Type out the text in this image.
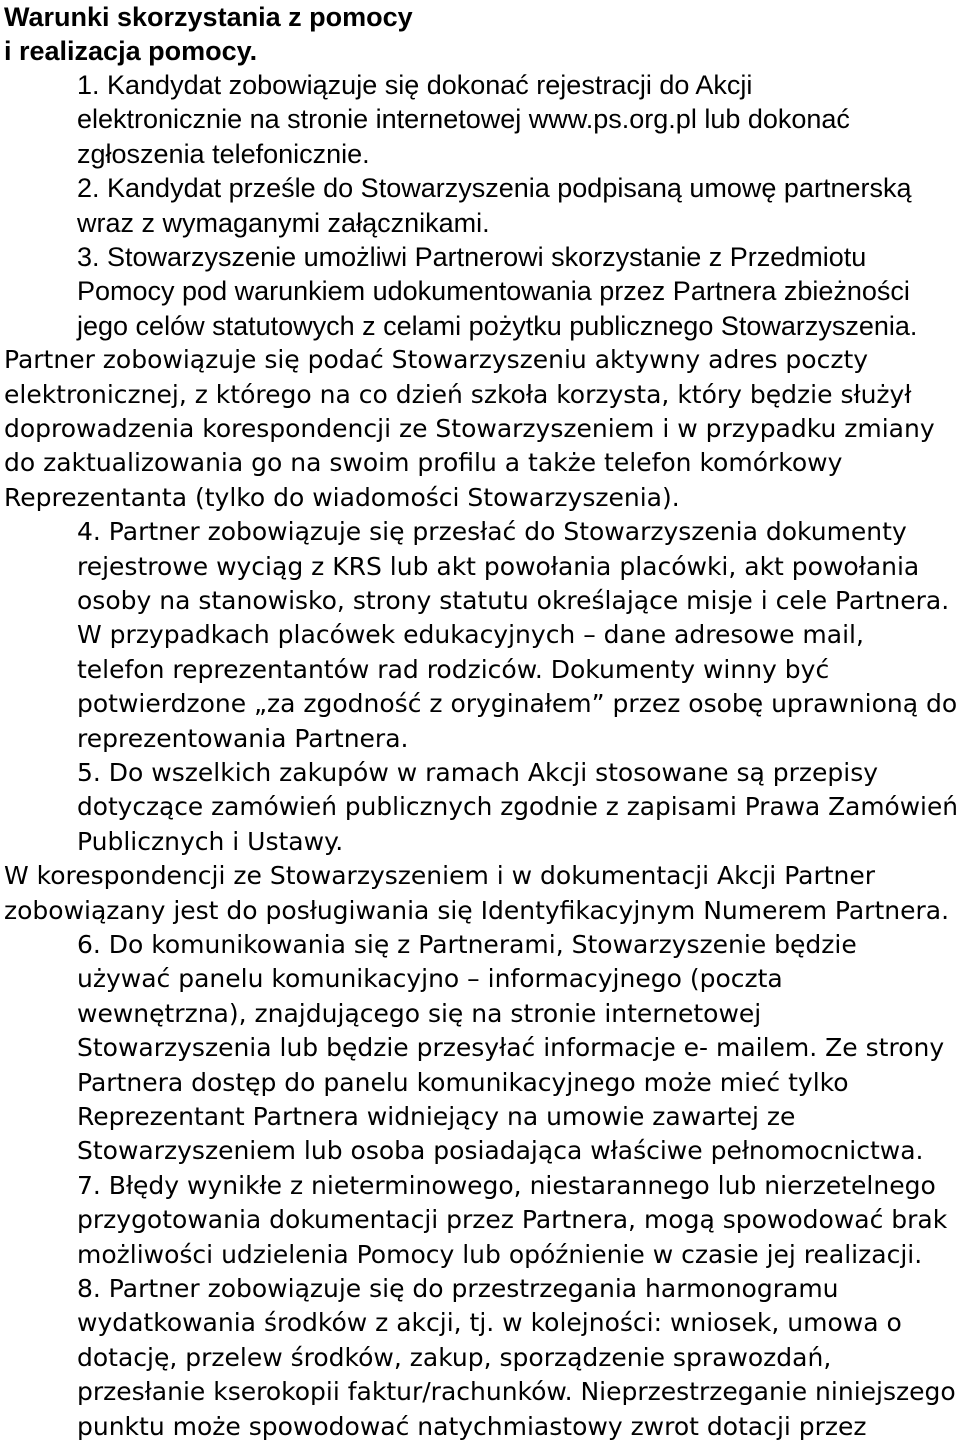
Warunki skorzystania z pomocy
i realizacja pomocy.
1. Kandydat zobowiązuje się dokonać rejestracji do Akcji
elektronicznie na stronie internetowej www.ps.org.pl lub dokonać
zgłoszenia telefonicznie.
2. Kandydat prześle do Stowarzyszenia podpisaną umowę partnerską
wraz z wymaganymi załącznikami.
3. Stowarzyszenie umożliwi Partnerowi skorzystanie z Przedmiotu
Pomocy pod warunkiem udokumentowania przez Partnera zbieżności
jego celów statutowych z celami pożytku publicznego Stowarzyszenia.
Partner zobowiązuje się podać Stowarzyszeniu aktywny adres poczty
elektronicznej, z którego na co dzień szkoła korzysta, który będzie służył
doprowadzenia korespondencji ze Stowarzyszeniem i w przypadku zmiany
do zaktualizowania go na swoim profilu a także telefon komórkowy
Reprezentanta (tylko do wiadomości Stowarzyszenia).
4. Partner zobowiązuje się przesłać do Stowarzyszenia dokumenty
rejestrowe wyciąg z KRS lub akt powołania placówki, akt powołania
osoby na stanowisko, strony statutu określające misje i cele Partnera.
W przypadkach placówek edukacyjnych – dane adresowe mail,
telefon reprezentantów rad rodziców. Dokumenty winny być
potwierdzone „za zgodność z oryginałem” przez osobę uprawnioną do
reprezentowania Partnera.
5. Do wszelkich zakupów w ramach Akcji stosowane są przepisy
dotyczące zamówień publicznych zgodnie z zapisami Prawa Zamówień
Publicznych i Ustawy.
W korespondencji ze Stowarzyszeniem i w dokumentacji Akcji Partner
zobowiązany jest do posługiwania się Identyfikacyjnym Numerem Partnera.
6. Do komunikowania się z Partnerami, Stowarzyszenie będzie
używać panelu komunikacyjno – informacyjnego (poczta
wewnętrzna), znajdującego się na stronie internetowej
Stowarzyszenia lub będzie przesyłać informacje e- mailem. Ze strony
Partnera dostęp do panelu komunikacyjnego może mieć tylko
Reprezentant Partnera widniejący na umowie zawartej ze
Stowarzyszeniem lub osoba posiadająca właściwe pełnomocnictwa.
7. Błędy wynikłe z nieterminowego, niestarannego lub nierzetelnego
przygotowania dokumentacji przez Partnera, mogą spowodować brak
możliwości udzielenia Pomocy lub opóźnienie w czasie jej realizacji.
8. Partner zobowiązuje się do przestrzegania harmonogramu
wydatkowania środków z akcji, tj. w kolejności: wniosek, umowa o
dotację, przelew środków, zakup, sporządzenie sprawozdań,
przesłanie kserokopii faktur/rachunków. Nieprzestrzeganie niniejszego
punktu może spowodować natychmiastowy zwrot dotacji przez
